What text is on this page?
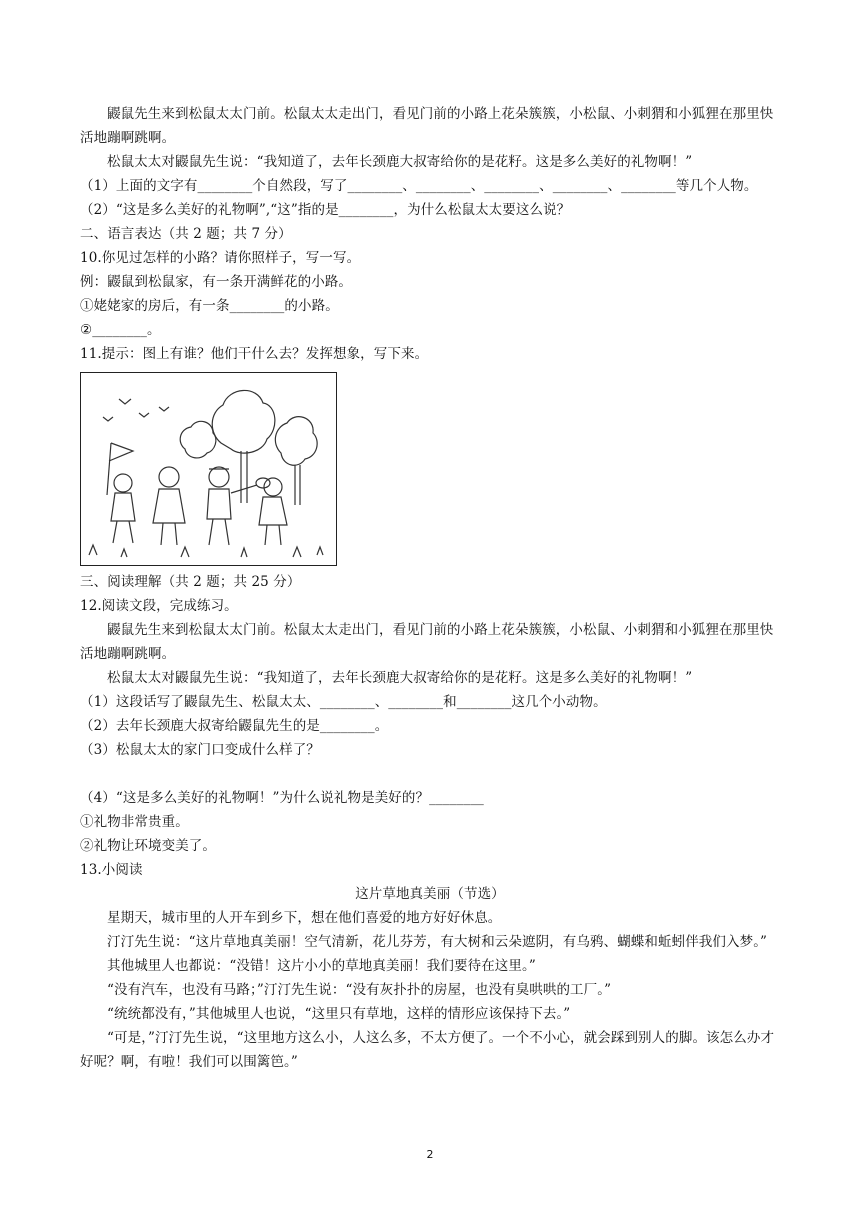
鼹鼠先生来到松鼠太太门前。松鼠太太走出门，看见门前的小路上花朵簇簇，小松鼠、小刺猬和小狐狸在那里快活地蹦啊跳啊。

松鼠太太对鼹鼠先生说：“我知道了，去年长颈鹿大叔寄给你的是花籽。这是多么美好的礼物啊！”

（1）上面的文字有________个自然段，写了________、________、________、________、________等几个人物。

（2）“这是多么美好的礼物啊”,“这”指的是________，为什么松鼠太太要这么说？

二、语言表达（共 2 题；共 7 分）

10.你见过怎样的小路？请你照样子，写一写。

例：鼹鼠到松鼠家，有一条开满鲜花的小路。

①姥姥家的房后，有一条________的小路。

②________。

11.提示：图上有谁？他们干什么去？发挥想象，写下来。

三、阅读理解（共 2 题；共 25 分）

12.阅读文段，完成练习。

鼹鼠先生来到松鼠太太门前。松鼠太太走出门，看见门前的小路上花朵簇簇，小松鼠、小刺猬和小狐狸在那里快活地蹦啊跳啊。

松鼠太太对鼹鼠先生说：“我知道了，去年长颈鹿大叔寄给你的是花籽。这是多么美好的礼物啊！”

（1）这段话写了鼹鼠先生、松鼠太太、________、________和________这几个小动物。

（2）去年长颈鹿大叔寄给鼹鼠先生的是________。

（3）松鼠太太的家门口变成什么样了？

（4）“这是多么美好的礼物啊！”为什么说礼物是美好的？________

①礼物非常贵重。

②礼物让环境变美了。

13.小阅读

这片草地真美丽（节选）

星期天，城市里的人开车到乡下，想在他们喜爱的地方好好休息。

汀汀先生说：“这片草地真美丽！空气清新，花儿芬芳，有大树和云朵遮阴，有乌鸦、蝴蝶和蚯蚓伴我们入梦。”

其他城里人也都说：“没错！这片小小的草地真美丽！我们要待在这里。”

“没有汽车，也没有马路；”汀汀先生说：“没有灰扑扑的房屋，也没有臭哄哄的工厂。”

“统统都没有，”其他城里人也说，“这里只有草地，这样的情形应该保持下去。”

“可是，”汀汀先生说，“这里地方这么小，人这么多，不太方便了。一个不小心，就会踩到别人的脚。该怎么办才好呢？啊，有啦！我们可以围篱笆。”

2
